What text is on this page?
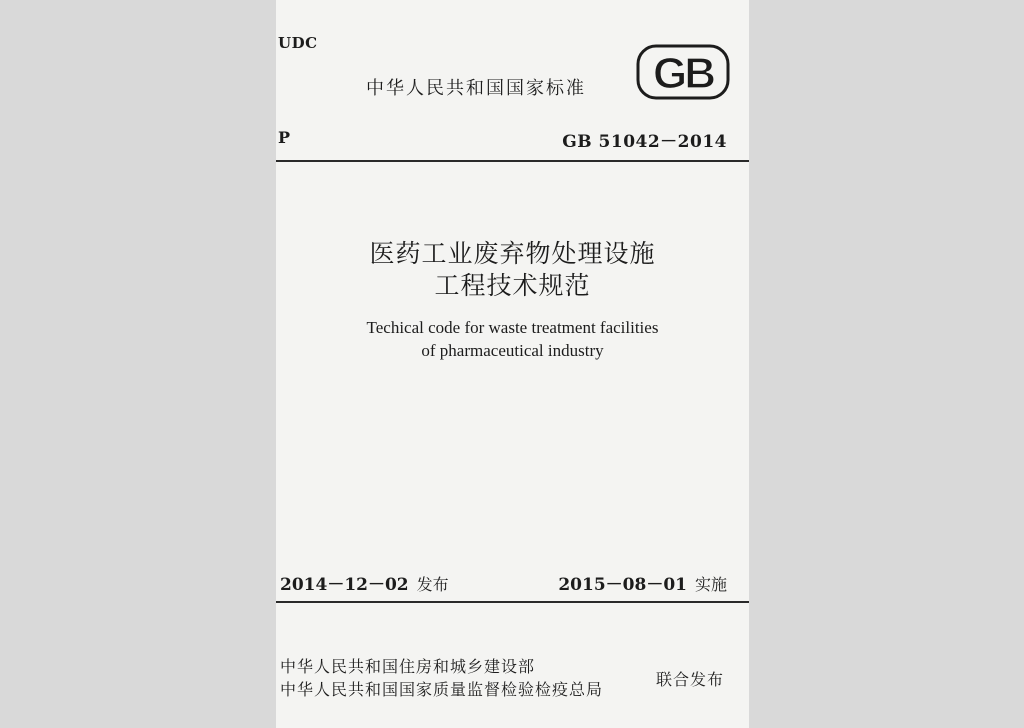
UDC
中华人民共和国国家标准 GB
P	GB 51042－2014
医药工业废弃物处理设施
工程技术规范
Techical code for waste treatment facilities
of pharmaceutical industry
2014－12－02 发布	2015－08－01 实施
中华人民共和国住房和城乡建设部
中华人民共和国国家质量监督检验检疫总局
联合发布
